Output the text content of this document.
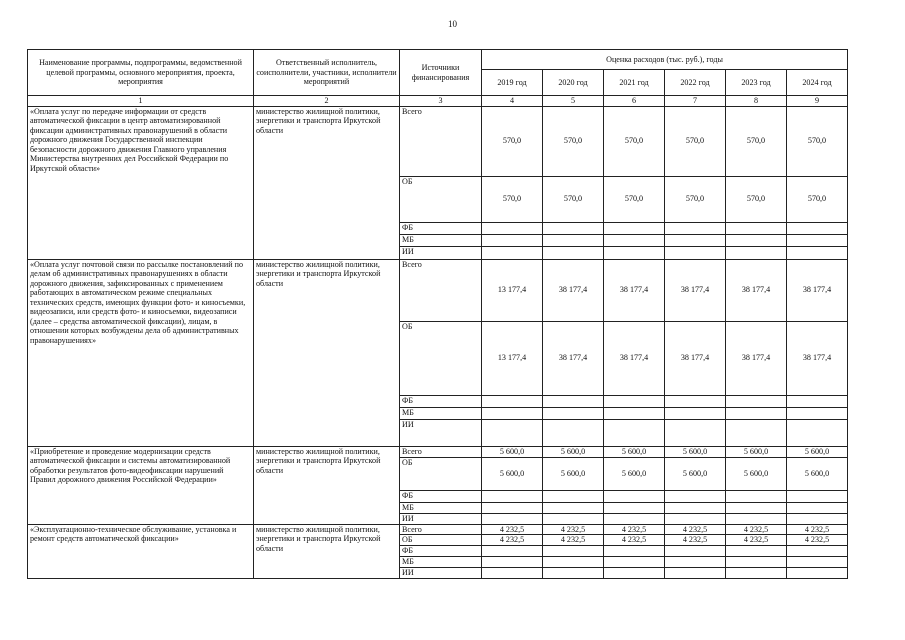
10
Наименование программы, подпрограммы, ведомственной целевой программы, основного мероприятия, проекта, мероприятия	Ответственный исполнитель, соисполнители, участники, исполнители мероприятий	Источники финансирования	Оценка расходов (тыс. руб.), годы					
			2019 год	2020 год	2021 год	2022 год	2023 год	2024 год
1	2	3	4	5	6	7	8	9
«Оплата услуг по передаче информации от средств автоматической фиксации в центр автоматизированной фиксации административных правонарушений в области дорожного движения Государственной инспекции безопасности дорожного движения Главного управления Министерства внутренних дел Российской Федерации по Иркутской области»	министерство жилищной политики, энергетики и транспорта Иркутской области	Всего	570,0	570,0	570,0	570,0	570,0	570,0
		ОБ	570,0	570,0	570,0	570,0	570,0	570,0
		ФБ						
		МБ						
		ИИ						
«Оплата услуг почтовой связи по рассылке постановлений по делам об административных правонарушениях в области дорожного движения, зафиксированных с применением работающих в автоматическом режиме специальных технических средств, имеющих функции фото- и киносъемки, видеозаписи, или средств фото- и киносъемки, видеозаписи (далее – средства автоматической фиксации), лицам, в отношении которых возбуждены дела об административных правонарушениях»	министерство жилищной политики, энергетики и транспорта Иркутской области	Всего	13 177,4	38 177,4	38 177,4	38 177,4	38 177,4	38 177,4
		ОБ	13 177,4	38 177,4	38 177,4	38 177,4	38 177,4	38 177,4
		ФБ						
		МБ						
		ИИ						
«Приобретение и проведение модернизации средств автоматической фиксации и системы автоматизированной обработки результатов фото-видеофиксации нарушений Правил дорожного движения Российской Федерации»	министерство жилищной политики, энергетики и транспорта Иркутской области	Всего	5 600,0	5 600,0	5 600,0	5 600,0	5 600,0	5 600,0
		ОБ	5 600,0	5 600,0	5 600,0	5 600,0	5 600,0	5 600,0
		ФБ						
		МБ						
		ИИ						
«Эксплуатационно-техническое обслуживание, установка и ремонт средств автоматической фиксации»	министерство жилищной политики, энергетики и транспорта Иркутской области	Всего	4 232,5	4 232,5	4 232,5	4 232,5	4 232,5	4 232,5
		ОБ	4 232,5	4 232,5	4 232,5	4 232,5	4 232,5	4 232,5
		ФБ						
		МБ						
		ИИ						
